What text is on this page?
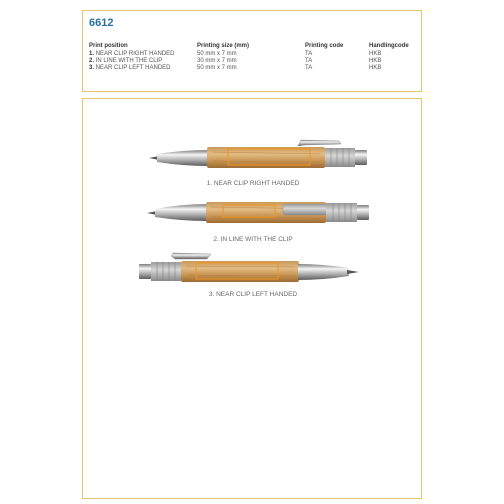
6612
Print position	Printing size (mm)	Printing code	Handlingcode
1. NEAR CLIP RIGHT HANDED	50 mm x 7 mm	TA	HKB
2. IN LINE WITH THE CLIP	30 mm x 7 mm	TA	HKB
3. NEAR CLIP LEFT HANDED	50 mm x 7 mm	TA	HKB
1. NEAR CLIP RIGHT HANDED
2. IN LINE WITH THE CLIP
3. NEAR CLIP LEFT HANDED
